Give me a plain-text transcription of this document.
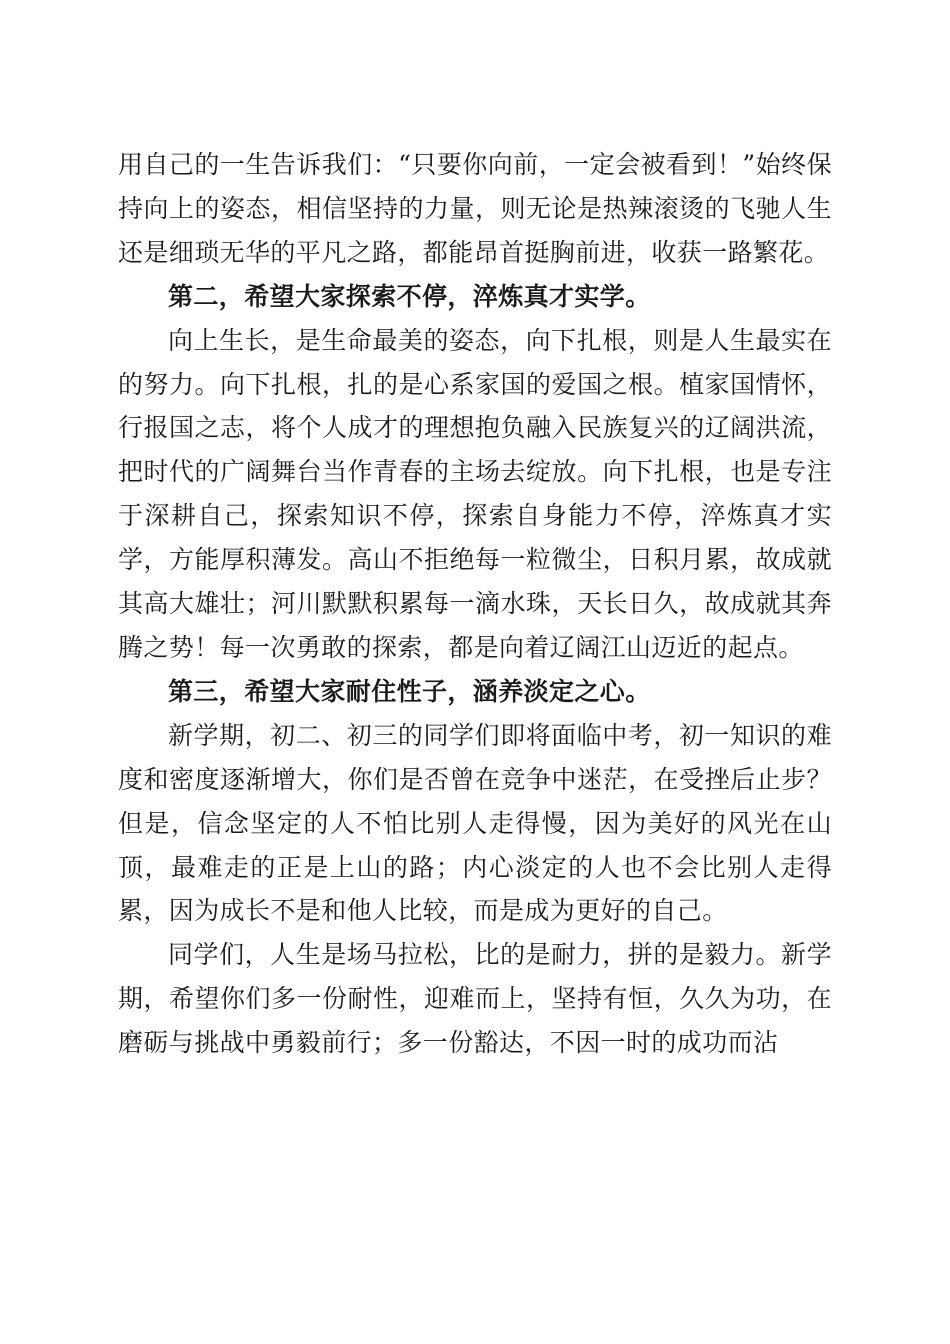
用自己的一生告诉我们：“只要你向前，一定会被看到！”始终保持向上的姿态，相信坚持的力量，则无论是热辣滚烫的飞驰人生还是细琐无华的平凡之路，都能昂首挺胸前进，收获一路繁花。

第二，希望大家探索不停，淬炼真才实学。

向上生长，是生命最美的姿态，向下扎根，则是人生最实在的努力。向下扎根，扎的是心系家国的爱国之根。植家国情怀，行报国之志，将个人成才的理想抱负融入民族复兴的辽阔洪流，把时代的广阔舞台当作青春的主场去绽放。向下扎根，也是专注于深耕自己，探索知识不停，探索自身能力不停，淬炼真才实学，方能厚积薄发。高山不拒绝每一粒微尘，日积月累，故成就其高大雄壮；河川默默积累每一滴水珠，天长日久，故成就其奔腾之势！每一次勇敢的探索，都是向着辽阔江山迈近的起点。

第三，希望大家耐住性子，涵养淡定之心。

新学期，初二、初三的同学们即将面临中考，初一知识的难度和密度逐渐增大，你们是否曾在竞争中迷茫，在受挫后止步？但是，信念坚定的人不怕比别人走得慢，因为美好的风光在山顶，最难走的正是上山的路；内心淡定的人也不会比别人走得累，因为成长不是和他人比较，而是成为更好的自己。

同学们，人生是场马拉松，比的是耐力，拼的是毅力。新学期，希望你们多一份耐性，迎难而上，坚持有恒，久久为功，在磨砺与挑战中勇毅前行；多一份豁达，不因一时的成功而沾
